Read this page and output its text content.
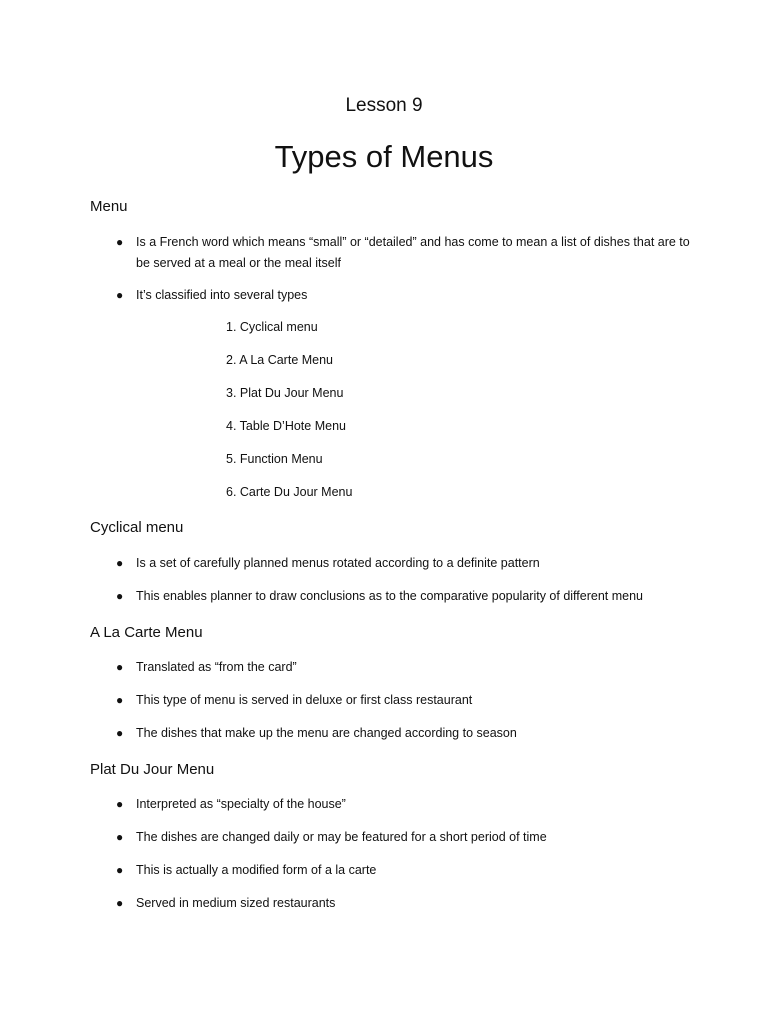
Lesson 9
Types of Menus
Menu
● Is a French word which means “small” or “detailed” and has come to mean a list of dishes that are to be served at a meal or the meal itself
● It’s classified into several types
1. Cyclical menu
2. A La Carte Menu
3. Plat Du Jour Menu
4. Table D’Hote Menu
5. Function Menu
6. Carte Du Jour Menu
Cyclical menu
● Is a set of carefully planned menus rotated according to a definite pattern
● This enables planner to draw conclusions as to the comparative popularity of different menu
A La Carte Menu
● Translated as “from the card”
● This type of menu is served in deluxe or first class restaurant
● The dishes that make up the menu are changed according to season
Plat Du Jour Menu
● Interpreted as “specialty of the house”
● The dishes are changed daily or may be featured for a short period of time
● This is actually a modified form of a la carte
● Served in medium sized restaurants
